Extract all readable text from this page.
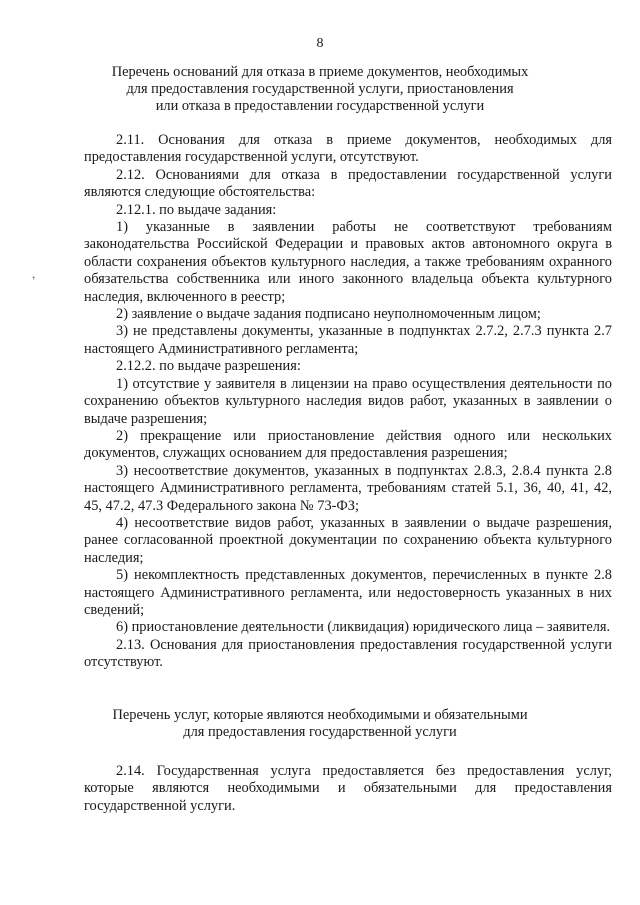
8
Перечень оснований для отказа в приеме документов, необходимых
для предоставления государственной услуги, приостановления
или отказа в предоставлении государственной услуги
,

2.11. Основания для отказа в приеме документов, необходимых для предоставления государственной услуги, отсутствуют.

2.12. Основаниями для отказа в предоставлении государственной услуги являются следующие обстоятельства:

2.12.1. по выдаче задания:

1) указанные в заявлении работы не соответствуют требованиям законодательства Российской Федерации и правовых актов автономного округа в области сохранения объектов культурного наследия, а также требованиям охранного обязательства собственника или иного законного владельца объекта культурного наследия, включенного в реестр;

2) заявление о выдаче задания подписано неуполномоченным лицом;

3) не представлены документы, указанные в подпунктах 2.7.2, 2.7.3 пункта 2.7 настоящего Административного регламента;

2.12.2. по выдаче разрешения:

1) отсутствие у заявителя в лицензии на право осуществления деятельности по сохранению объектов культурного наследия видов работ, указанных в заявлении о выдаче разрешения;

2) прекращение или приостановление действия одного или нескольких документов, служащих основанием для предоставления разрешения;

3) несоответствие документов, указанных в подпунктах 2.8.3, 2.8.4 пункта 2.8 настоящего Административного регламента, требованиям статей 5.1, 36, 40, 41, 42, 45, 47.2, 47.3 Федерального закона № 73-ФЗ;

4) несоответствие видов работ, указанных в заявлении о выдаче разрешения, ранее согласованной проектной документации по сохранению объекта культурного наследия;

5) некомплектность представленных документов, перечисленных в пункте 2.8 настоящего Административного регламента, или недостоверность указанных в них сведений;

6) приостановление деятельности (ликвидация) юридического лица – заявителя.

2.13. Основания для приостановления предоставления государственной услуги отсутствуют.

Перечень услуг, которые являются необходимыми и обязательными
для предоставления государственной услуги

2.14. Государственная услуга предоставляется без предоставления услуг, которые являются необходимыми и обязательными для предоставления государственной услуги.
